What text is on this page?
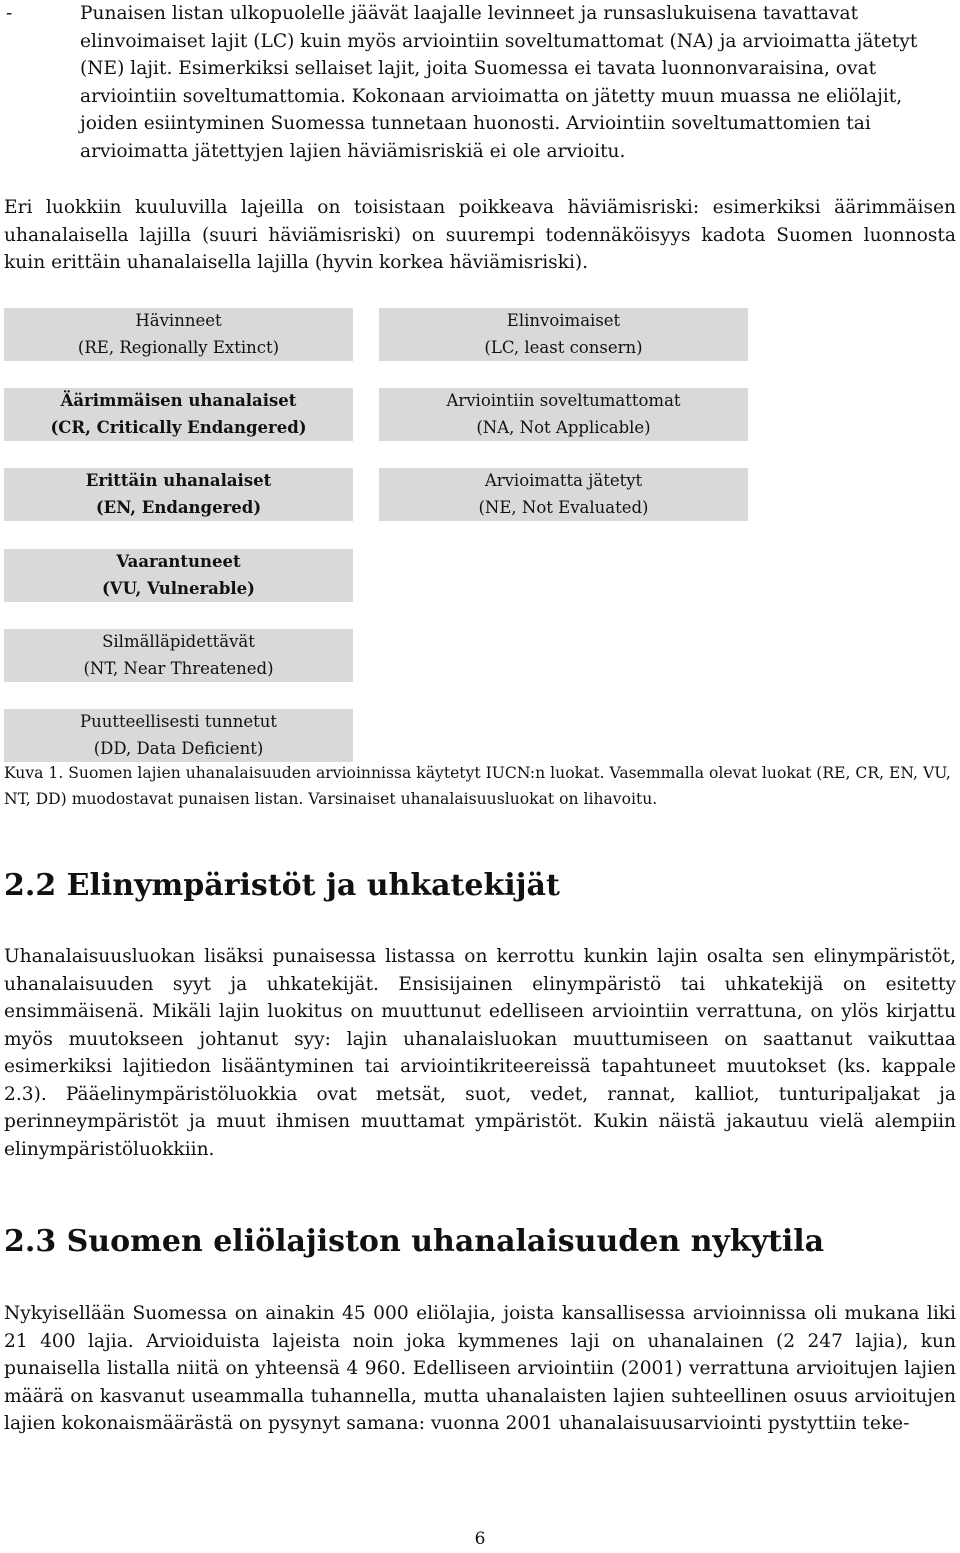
-	Punaisen listan ulkopuolelle jäävät laajalle levinneet ja runsaslukuisena tavattavat elinvoimaiset lajit (LC) kuin myös arviointiin soveltumattomat (NA) ja arvioimatta jätetyt (NE) lajit. Esimerkiksi sellaiset lajit, joita Suomessa ei tavata luonnonvaraisina, ovat arviointiin soveltumattomia. Kokonaan arvioimatta on jätetty muun muassa ne eliölajit, joiden esiintyminen Suomessa tunnetaan huonosti. Arviointiin soveltumattomien tai arvioimatta jätettyjen lajien häviämisriskiä ei ole arvioitu.

Eri luokkiin kuuluvilla lajeilla on toisistaan poikkeava häviämisriski: esimerkiksi äärimmäisen uhanalaisella lajilla (suuri häviämisriski) on suurempi todennäköisyys kadota Suomen luonnosta kuin erittäin uhanalaisella lajilla (hyvin korkea häviämisriski).

Hävinneet
(RE, Regionally Extinct)
Äärimmäisen uhanalaiset
(CR, Critically Endangered)
Erittäin uhanalaiset
(EN, Endangered)
Vaarantuneet
(VU, Vulnerable)
Silmälläpidettävät
(NT, Near Threatened)
Puutteellisesti tunnetut
(DD, Data Deficient)
Elinvoimaiset
(LC, least consern)
Arviointiin soveltumattomat
(NA, Not Applicable)
Arvioimatta jätetyt
(NE, Not Evaluated)

Kuva 1. Suomen lajien uhanalaisuuden arvioinnissa käytetyt IUCN:n luokat. Vasemmalla olevat luokat (RE, CR, EN, VU, NT, DD) muodostavat punaisen listan. Varsinaiset uhanalaisuusluokat on lihavoitu.

2.2 Elinympäristöt ja uhkatekijät

Uhanalaisuusluokan lisäksi punaisessa listassa on kerrottu kunkin lajin osalta sen elinympäristöt, uhanalaisuuden syyt ja uhkatekijät. Ensisijainen elinympäristö tai uhkatekijä on esitetty ensimmäisenä. Mikäli lajin luokitus on muuttunut edelliseen arviointiin verrattuna, on ylös kirjattu myös muutokseen johtanut syy: lajin uhanalaisluokan muuttumiseen on saattanut vaikuttaa esimerkiksi lajitiedon lisääntyminen tai arviointikriteereissä tapahtuneet muutokset (ks. kappale 2.3). Pääelinympäristöluokkia ovat metsät, suot, vedet, rannat, kalliot, tunturipaljakat ja perinneympäristöt ja muut ihmisen muuttamat ympäristöt. Kukin näistä jakautuu vielä alempiin elinympäristöluokkiin.

2.3 Suomen eliölajiston uhanalaisuuden nykytila

Nykyisellään Suomessa on ainakin 45 000 eliölajia, joista kansallisessa arvioinnissa oli mukana liki 21 400 lajia. Arvioiduista lajeista noin joka kymmenes laji on uhanalainen (2 247 lajia), kun punaisella listalla niitä on yhteensä 4 960. Edelliseen arviointiin (2001) verrattuna arvioitujen lajien määrä on kasvanut useammalla tuhannella, mutta uhanalaisten lajien suhteellinen osuus arvioitujen lajien kokonaismäärästä on pysynyt samana: vuonna 2001 uhanalaisuusarviointi pystyttiin teke-

6
